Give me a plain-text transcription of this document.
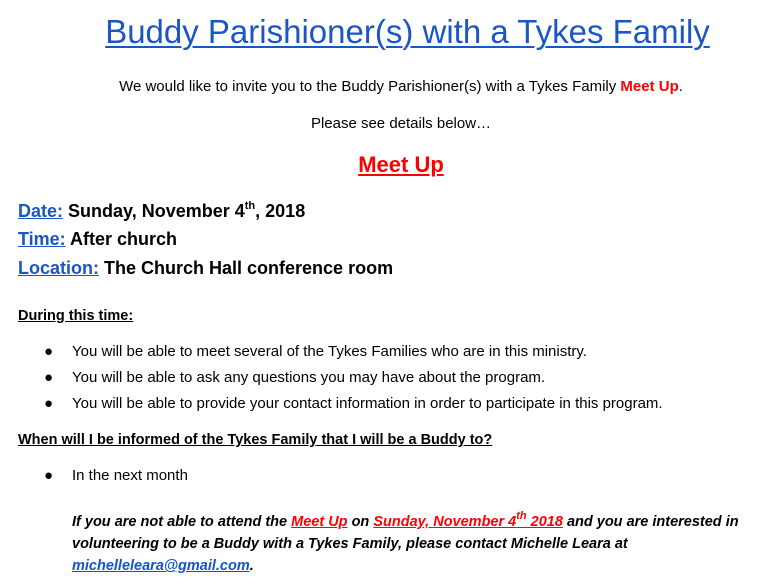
Buddy Parishioner(s) with a Tykes Family
We would like to invite you to the Buddy Parishioner(s) with a Tykes Family Meet Up.
Please see details below…
Meet Up
Date: Sunday, November 4th, 2018
Time: After church
Location: The Church Hall conference room
During this time:
● You will be able to meet several of the Tykes Families who are in this ministry.
● You will be able to ask any questions you may have about the program.
● You will be able to provide your contact information in order to participate in this program.
When will I be informed of the Tykes Family that I will be a Buddy to?
● In the next month
If you are not able to attend the Meet Up on Sunday, November 4th 2018 and you are interested in
volunteering to be a Buddy with a Tykes Family, please contact Michelle Leara at
michelleleara@gmail.com.
